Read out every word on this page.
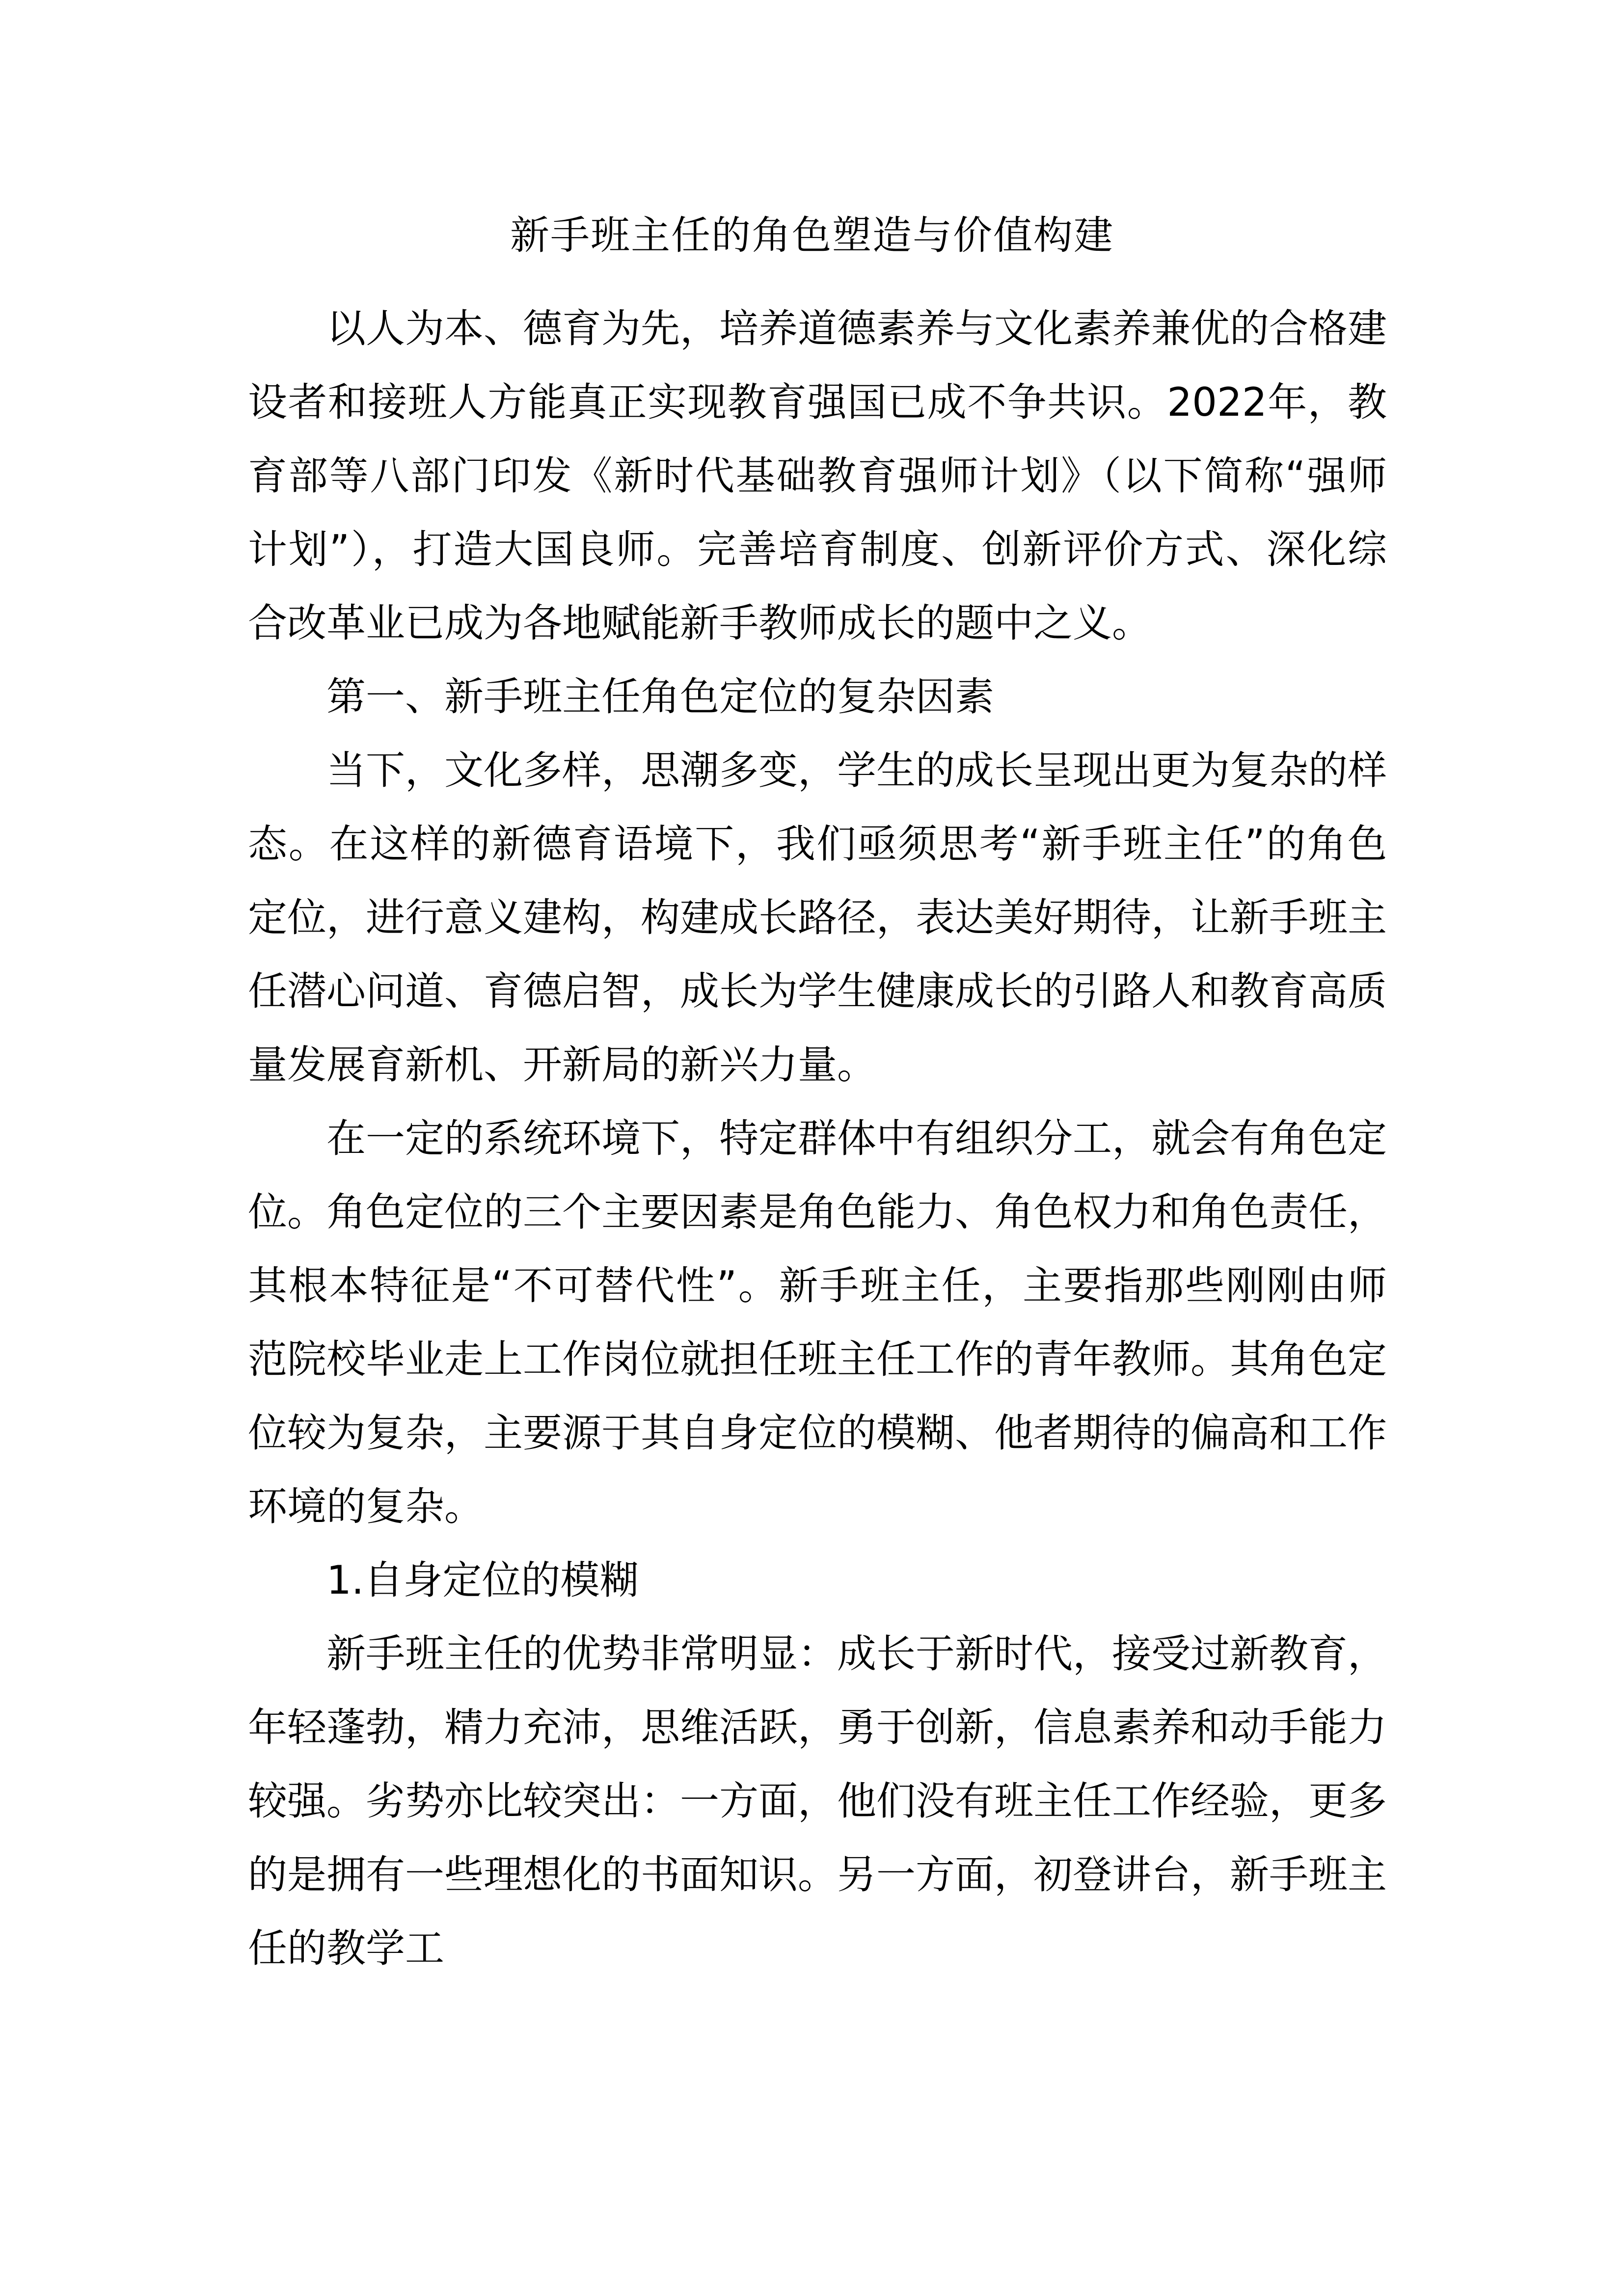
新手班主任的角色塑造与价值构建

以人为本、德育为先，培养道德素养与文化素养兼优的合格建设者和接班人方能真正实现教育强国已成不争共识。2022年，教育部等八部门印发《新时代基础教育强师计划》（以下简称“强师计划”），打造大国良师。完善培育制度、创新评价方式、深化综合改革业已成为各地赋能新手教师成长的题中之义。

第一、新手班主任角色定位的复杂因素

当下，文化多样，思潮多变，学生的成长呈现出更为复杂的样态。在这样的新德育语境下，我们亟须思考“新手班主任”的角色定位，进行意义建构，构建成长路径，表达美好期待，让新手班主任潜心问道、育德启智，成长为学生健康成长的引路人和教育高质量发展育新机、开新局的新兴力量。

在一定的系统环境下，特定群体中有组织分工，就会有角色定位。角色定位的三个主要因素是角色能力、角色权力和角色责任，其根本特征是“不可替代性”。新手班主任，主要指那些刚刚由师范院校毕业走上工作岗位就担任班主任工作的青年教师。其角色定位较为复杂，主要源于其自身定位的模糊、他者期待的偏高和工作环境的复杂。

1.自身定位的模糊

新手班主任的优势非常明显：成长于新时代，接受过新教育，年轻蓬勃，精力充沛，思维活跃，勇于创新，信息素养和动手能力较强。劣势亦比较突出：一方面，他们没有班主任工作经验，更多的是拥有一些理想化的书面知识。另一方面，初登讲台，新手班主任的教学工
